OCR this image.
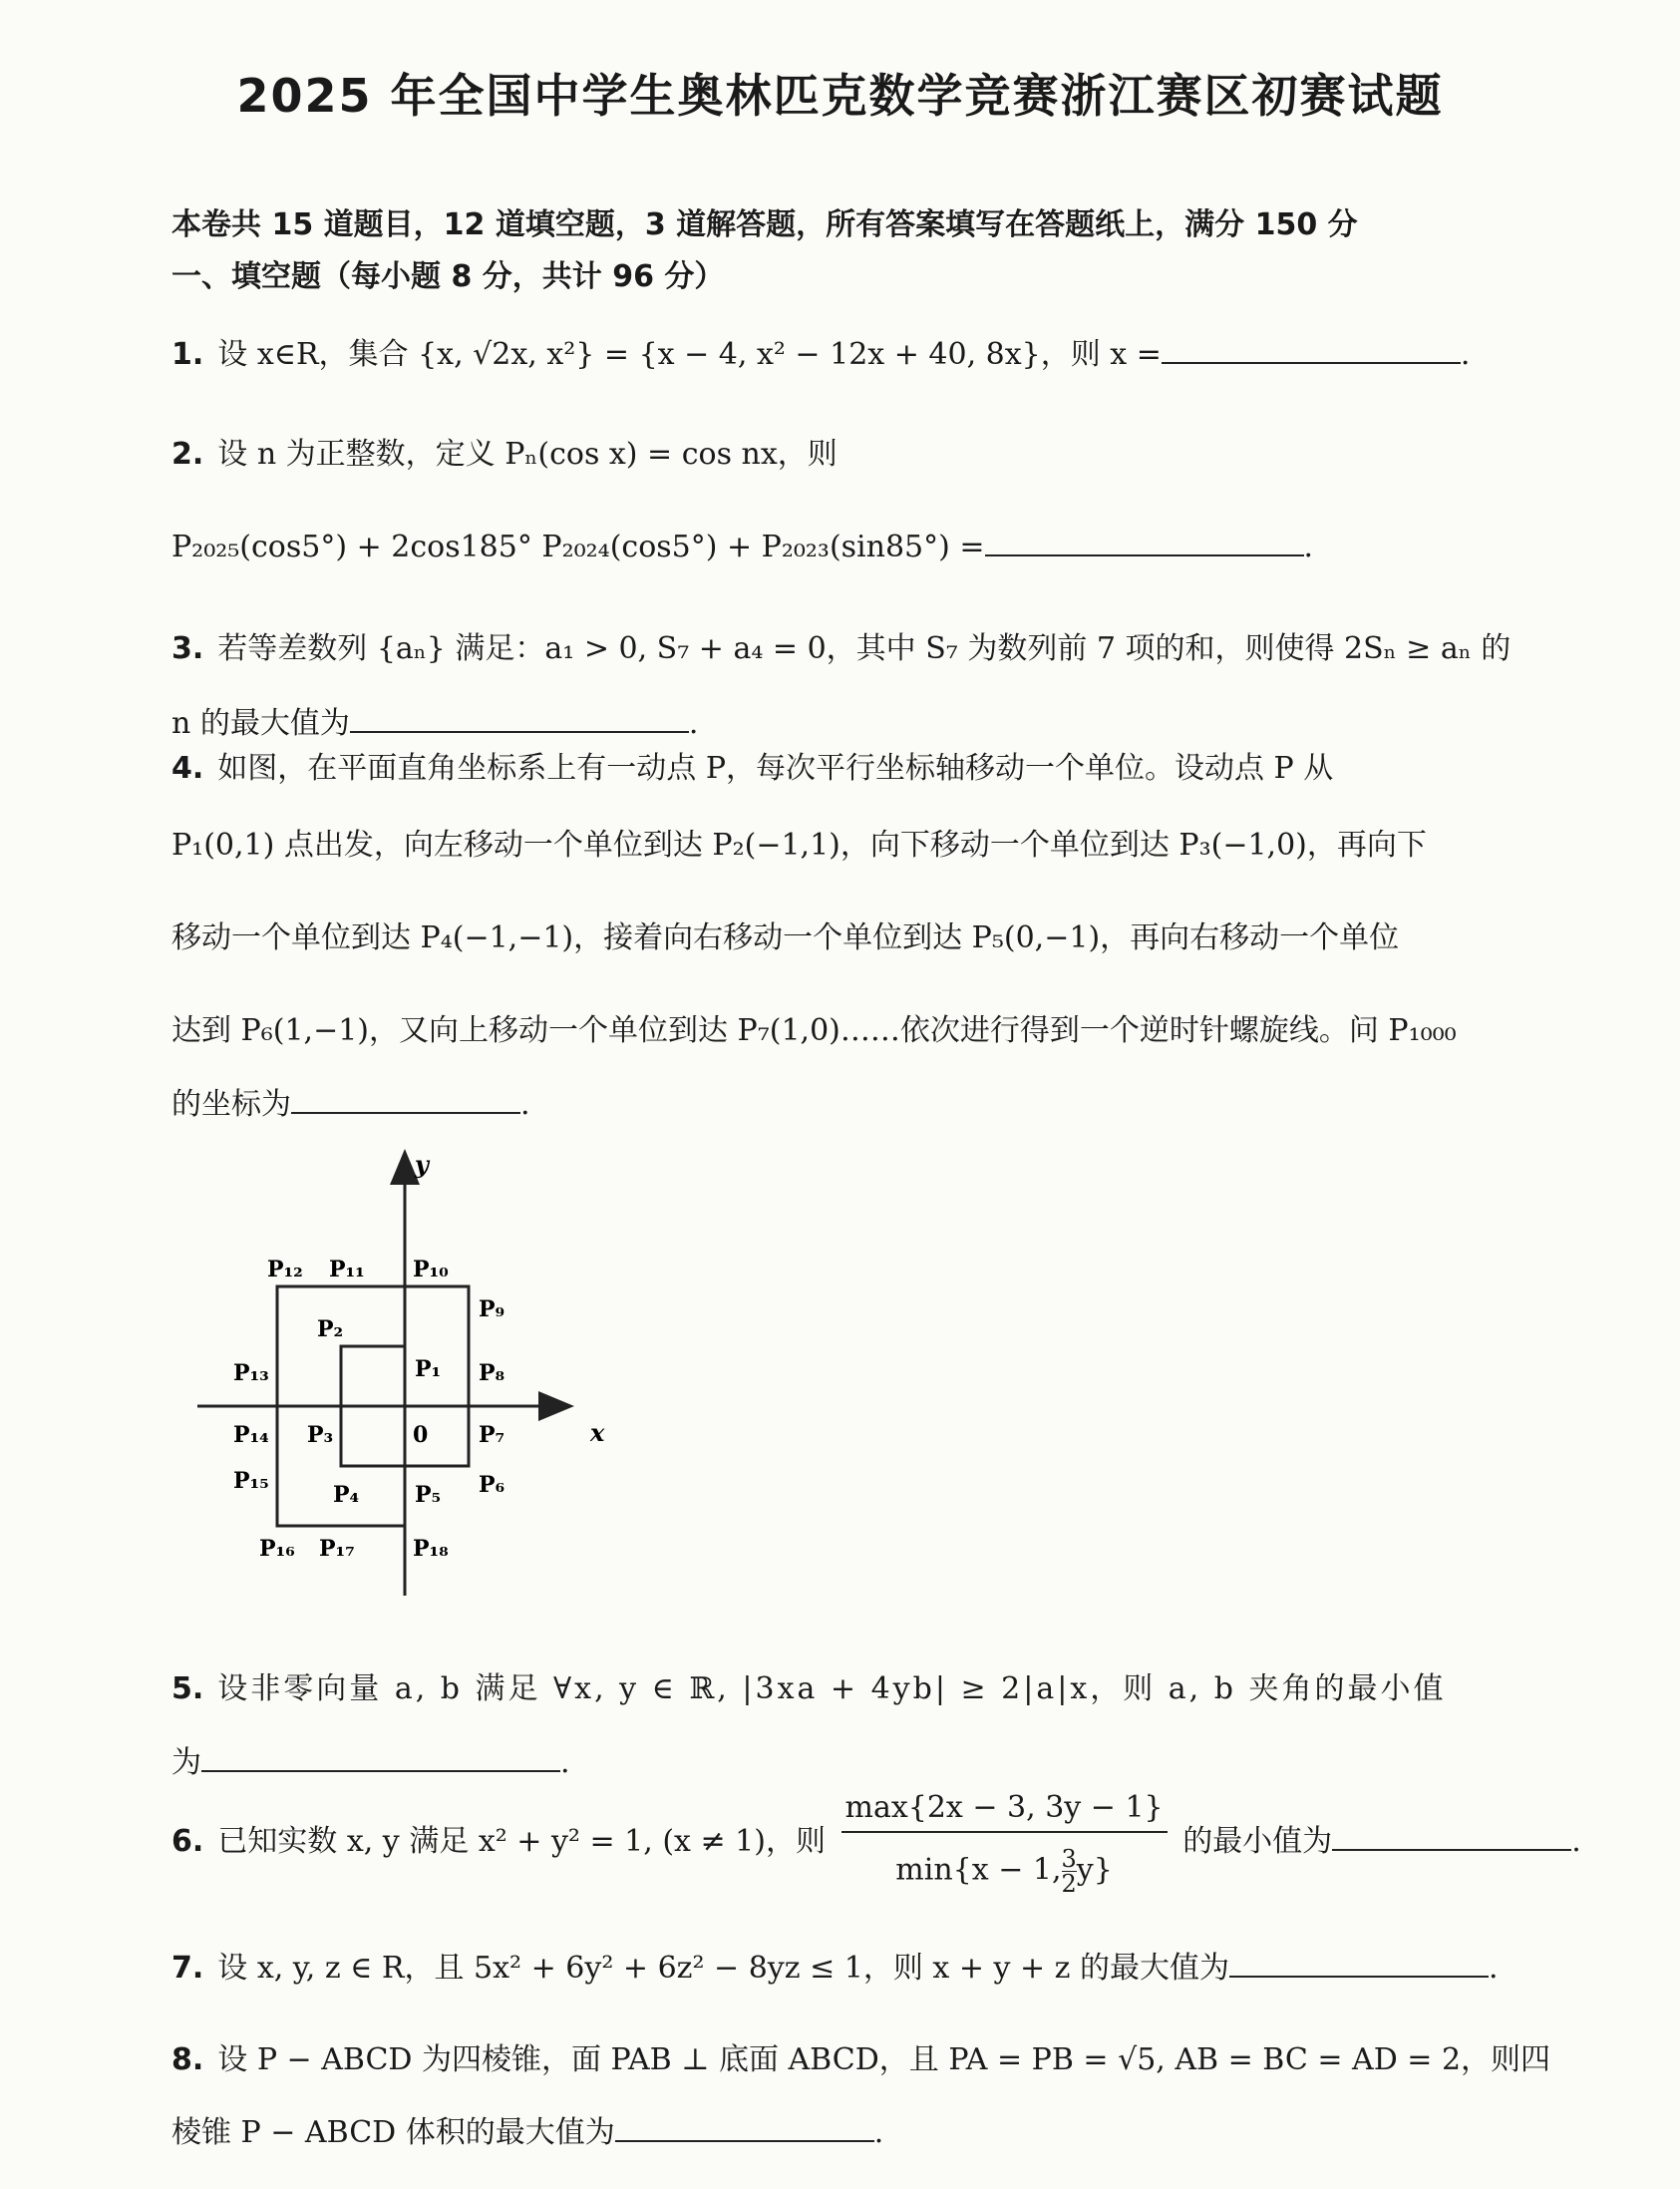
2025 年全国中学生奥林匹克数学竞赛浙江赛区初赛试题
本卷共 15 道题目，12 道填空题，3 道解答题，所有答案填写在答题纸上，满分 150 分
一、填空题（每小题 8 分，共计 96 分）
1. 设 x∈R，集合 {x, √2x, x²} = {x − 4, x² − 12x + 40, 8x}，则 x =	.
2. 设 n 为正整数，定义 Pₙ(cos x) = cos nx，则
P₂₀₂₅(cos5°) + 2cos185° P₂₀₂₄(cos5°) + P₂₀₂₃(sin85°) =	.
3. 若等差数列 {aₙ} 满足：a₁ > 0, S₇ + a₄ = 0，其中 S₇ 为数列前 7 项的和，则使得 2Sₙ ≥ aₙ 的
n 的最大值为	.
4. 如图，在平面直角坐标系上有一动点 P，每次平行坐标轴移动一个单位。设动点 P 从
P₁(0,1) 点出发，向左移动一个单位到达 P₂(−1,1)，向下移动一个单位到达 P₃(−1,0)，再向下
移动一个单位到达 P₄(−1,−1)，接着向右移动一个单位到达 P₅(0,−1)，再向右移动一个单位
达到 P₆(1,−1)，又向上移动一个单位到达 P₇(1,0)……依次进行得到一个逆时针螺旋线。问 P₁₀₀₀
的坐标为	.
y
x
0
P₁
P₂
P₃
P₄	P₅ P₆
P₇
P₈
P₉
P₁₀
P₁₁
P₁₂
P₁₃
P₁₄
P₁₅
P₁₆ P₁₇	P₁₈
5. 设非零向量 a, b 满足 ∀x, y ∈ ℝ, |3xa + 4yb| ≥ 2|a|x，则 a, b 夹角的最小值
为	.
6. 已知实数 x, y 满足 x² + y² = 1, (x ≠ 1)，则 $\frac{\max\{2x - 3, 3y - 1\}}{\min\{x - 1, \frac{3}{2} y\}}$ 的最小值为	.
7. 设 x, y, z ∈ R，且 5x² + 6y² + 6z² − 8yz ≤ 1，则 x + y + z 的最大值为	.
8. 设 P − ABCD 为四棱锥，面 PAB ⊥ 底面 ABCD，且 PA = PB = √5, AB = BC = AD = 2，则四
棱锥 P − ABCD 体积的最大值为	.
